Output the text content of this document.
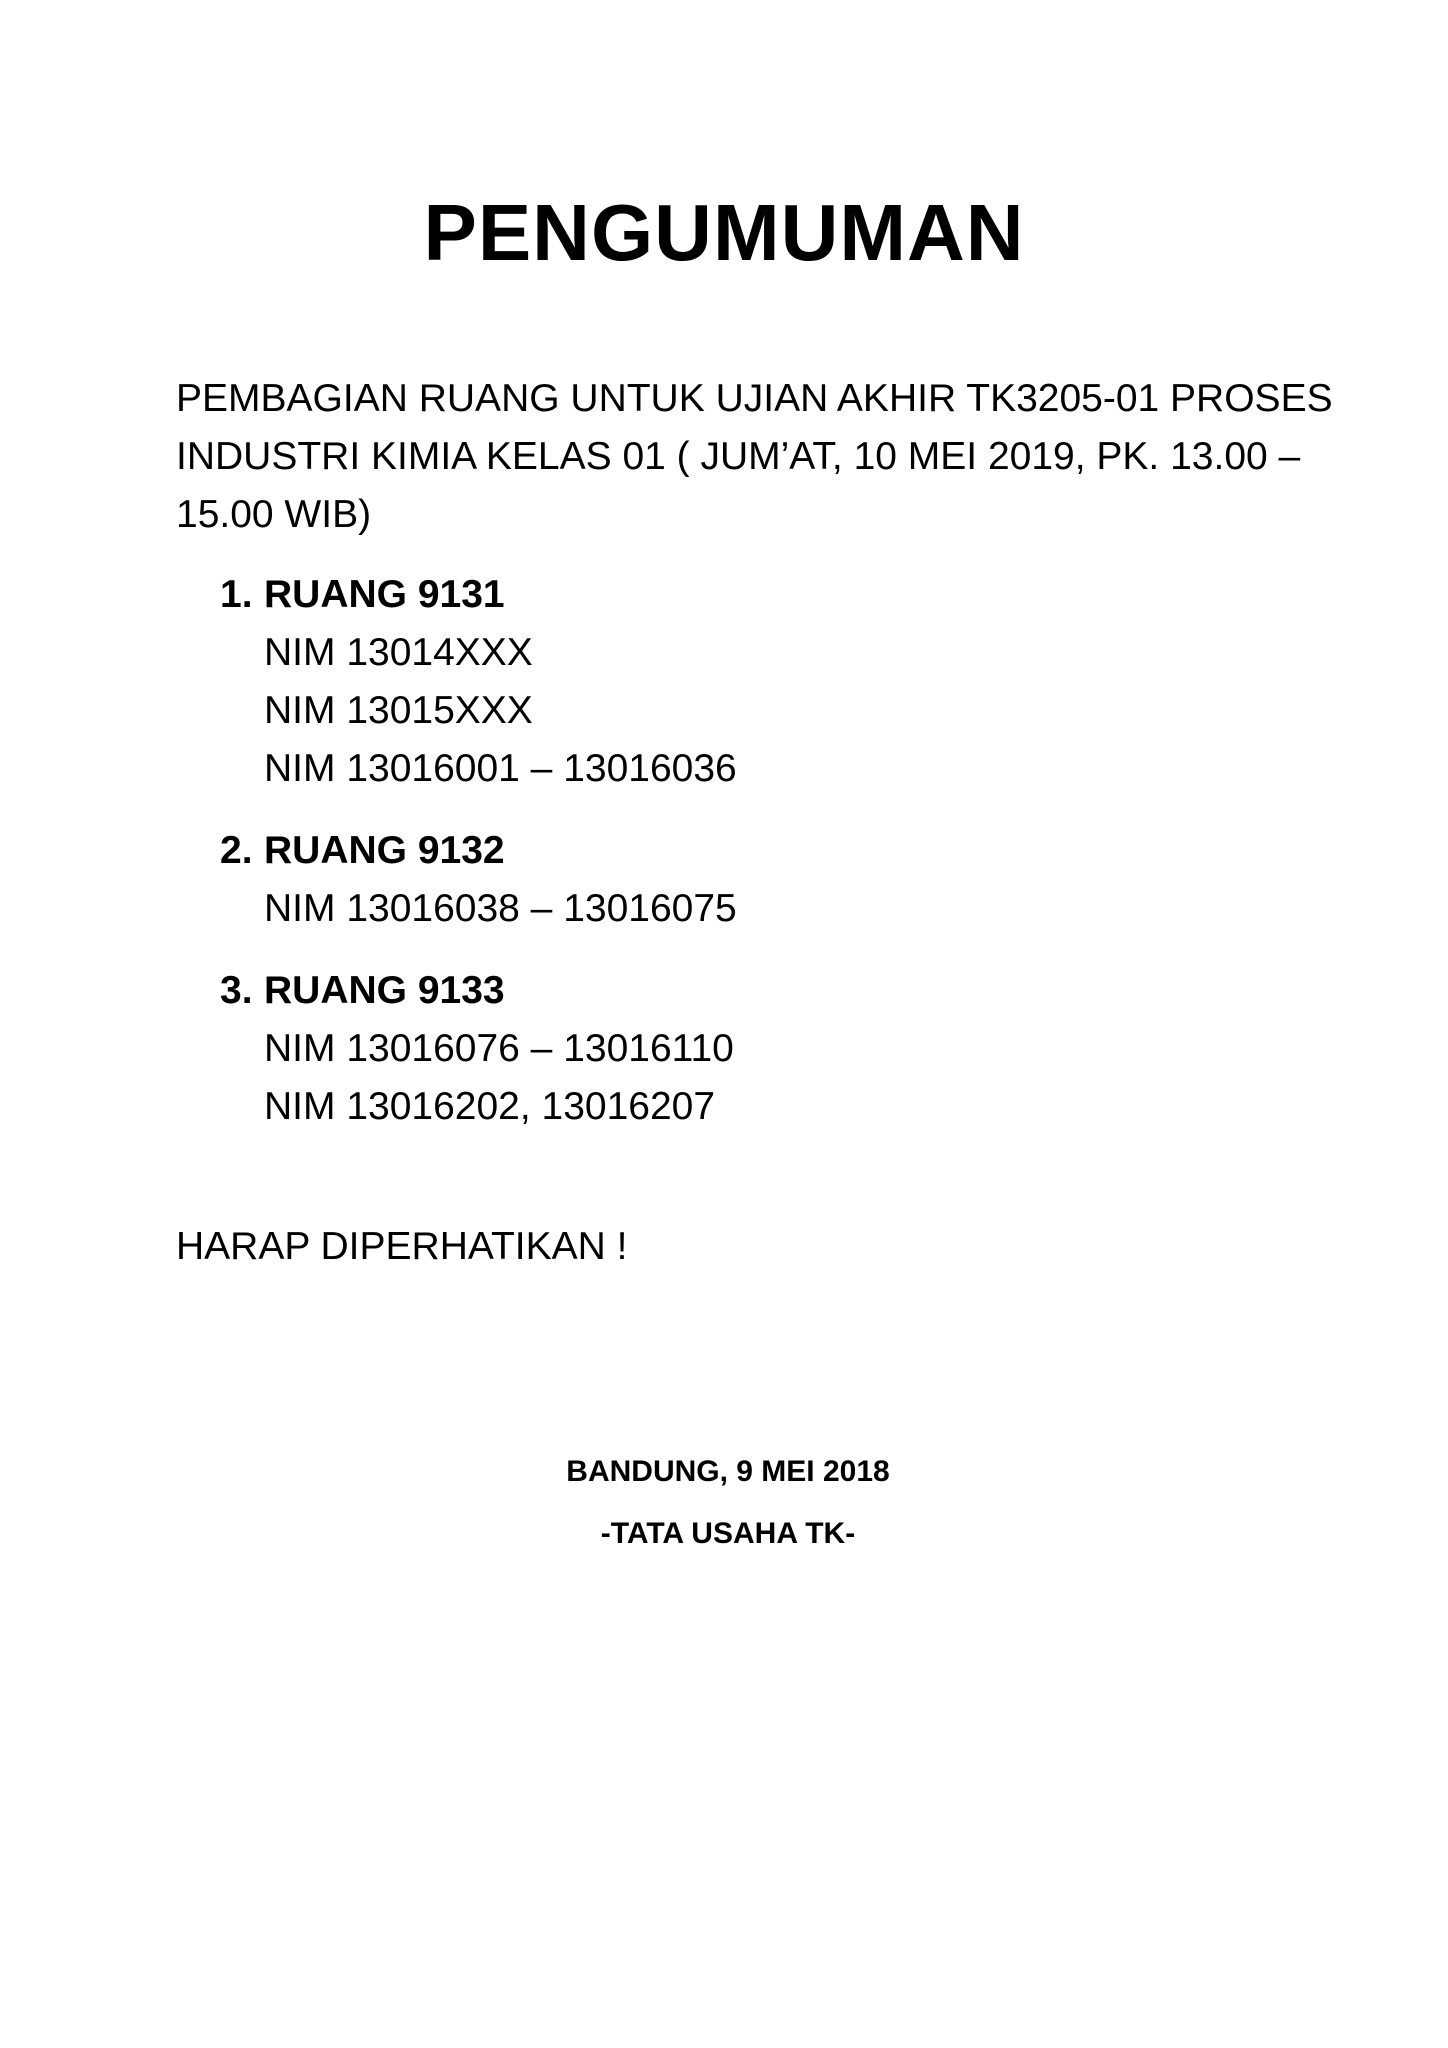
PENGUMUMAN
PEMBAGIAN RUANG UNTUK UJIAN AKHIR TK3205-01 PROSES
INDUSTRI KIMIA KELAS 01 ( JUM’AT, 10 MEI 2019, PK. 13.00 –
15.00 WIB)
1. RUANG 9131
NIM 13014XXX
NIM 13015XXX
NIM 13016001 – 13016036
2. RUANG 9132
NIM 13016038 – 13016075
3. RUANG 9133
NIM 13016076 – 13016110
NIM 13016202, 13016207
HARAP DIPERHATIKAN !
BANDUNG, 9 MEI 2018
-TATA USAHA TK-
